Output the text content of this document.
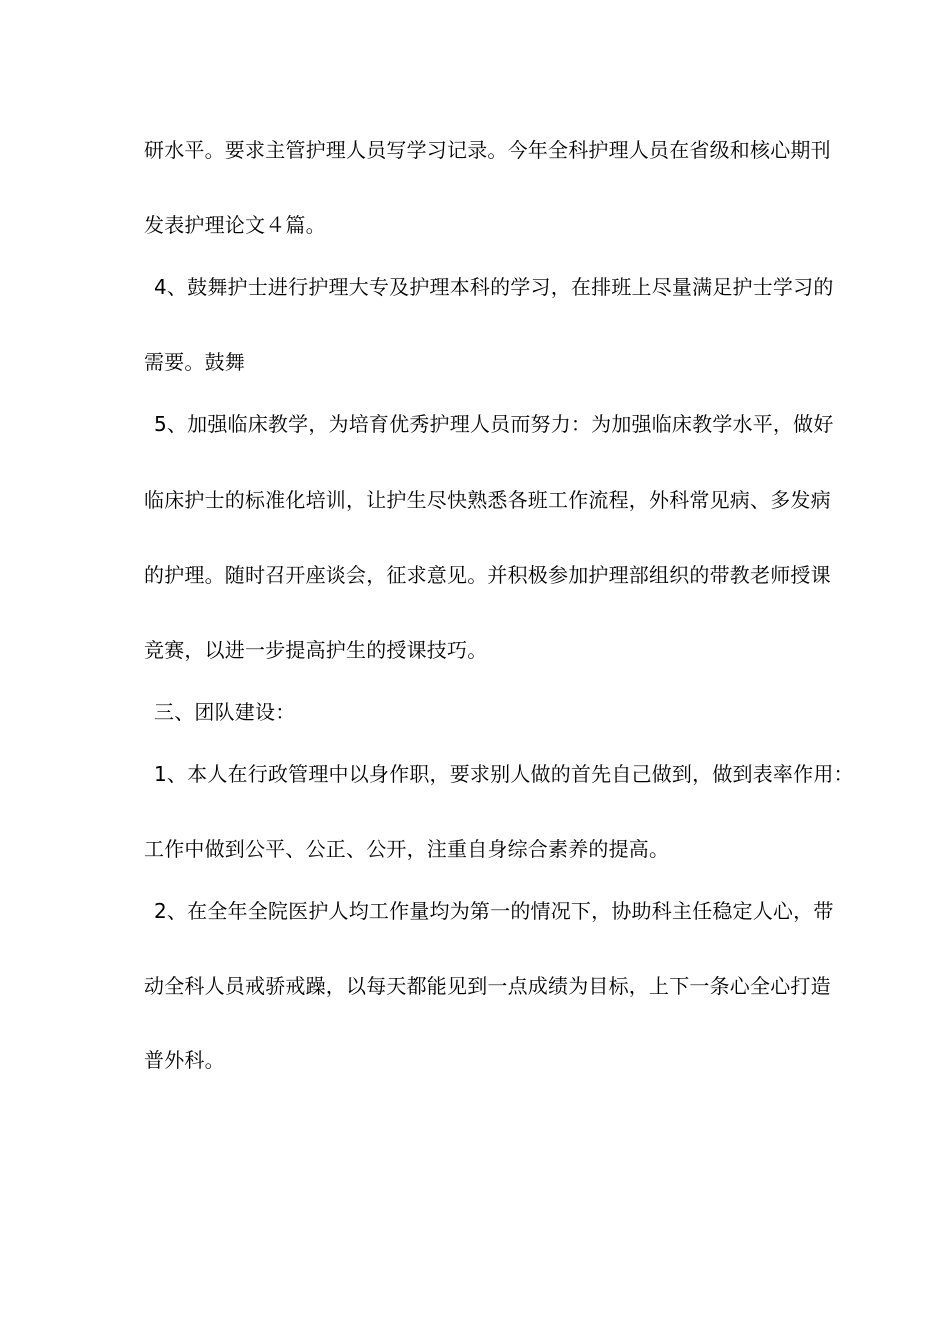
研水平。要求主管护理人员写学习记录。今年全科护理人员在省级和核心期刊
发表护理论文４篇。
4、鼓舞护士进行护理大专及护理本科的学习，在排班上尽量满足护士学习的
需要。鼓舞
5、加强临床教学，为培育优秀护理人员而努力：为加强临床教学水平，做好
临床护士的标准化培训，让护生尽快熟悉各班工作流程，外科常见病、多发病
的护理。随时召开座谈会，征求意见。并积极参加护理部组织的带教老师授课
竞赛，以进一步提高护生的授课技巧。
三、团队建设：
1、本人在行政管理中以身作职，要求别人做的首先自己做到，做到表率作用：
工作中做到公平、公正、公开，注重自身综合素养的提高。
2、在全年全院医护人均工作量均为第一的情况下，协助科主任稳定人心，带
动全科人员戒骄戒躁，以每天都能见到一点成绩为目标，上下一条心全心打造
普外科。
